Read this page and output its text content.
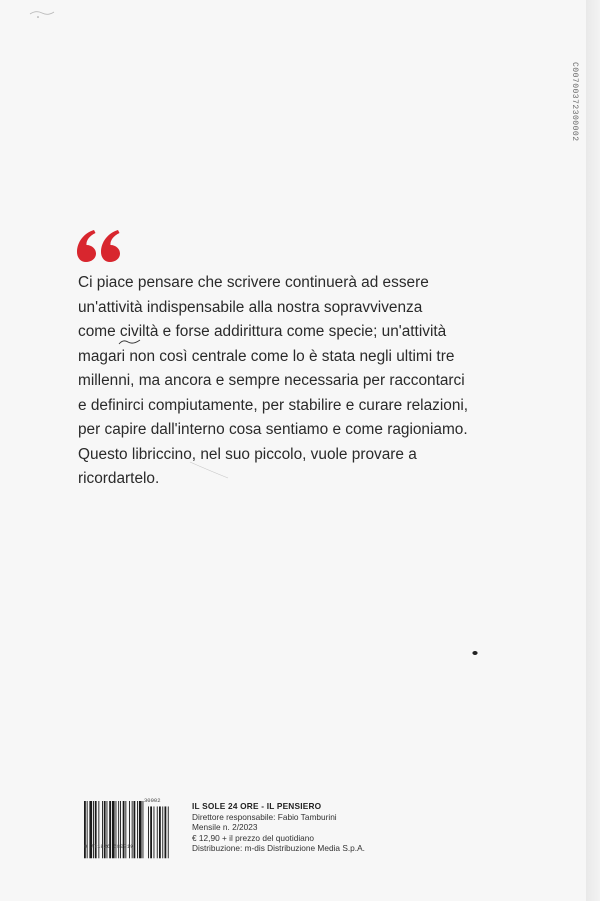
C00700372300002

Ci piace pensare che scrivere continuerà ad essere
un'attività indispensabile alla nostra sopravvivenza
come civiltà e forse addirittura come specie; un'attività
magari non così centrale come lo è stata negli ultimi tre
millenni, ma ancora e sempre necessaria per raccontarci
e definirci compiutamente, per stabilire e curare relazioni,
per capire dall'interno cosa sentiamo e come ragioniamo.
Questo libriccino, nel suo piccolo, vuole provare a
ricordartelo.

30002
9 771826 580319
IL SOLE 24 ORE - IL PENSIERO
Direttore responsabile: Fabio Tamburini
Mensile n. 2/2023
€ 12,90 + il prezzo del quotidiano
Distribuzione: m-dis Distribuzione Media S.p.A.
